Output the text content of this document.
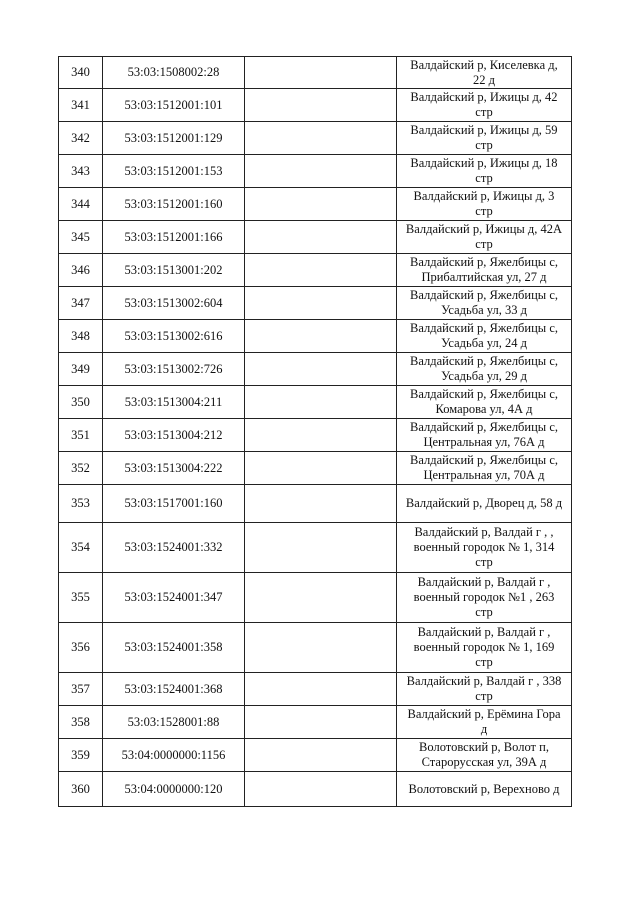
340	53:03:1508002:28		Валдайский р, Киселевка д,
22 д

341	53:03:1512001:101		Валдайский р, Ижицы д, 42
стр

342	53:03:1512001:129		Валдайский р, Ижицы д, 59
стр

343	53:03:1512001:153		Валдайский р, Ижицы д, 18
стр

344	53:03:1512001:160		Валдайский р, Ижицы д, 3
стр

345	53:03:1512001:166		Валдайский р, Ижицы д, 42А
стр

346	53:03:1513001:202		Валдайский р, Яжелбицы с,
Прибалтийская ул, 27 д

347	53:03:1513002:604		Валдайский р, Яжелбицы с,
Усадьба ул, 33 д

348	53:03:1513002:616		Валдайский р, Яжелбицы с,
Усадьба ул, 24 д

349	53:03:1513002:726		Валдайский р, Яжелбицы с,
Усадьба ул, 29 д

350	53:03:1513004:211		Валдайский р, Яжелбицы с,
Комарова ул, 4А д

351	53:03:1513004:212		Валдайский р, Яжелбицы с,
Центральная ул, 76А д

352	53:03:1513004:222		Валдайский р, Яжелбицы с,
Центральная ул, 70А д

353	53:03:1517001:160		Валдайский р, Дворец д, 58 д

354	53:03:1524001:332		Валдайский р, Валдай г , ,
военный городок № 1, 314
стр

355	53:03:1524001:347		Валдайский р, Валдай г ,
военный городок №1 , 263
стр

356	53:03:1524001:358		Валдайский р, Валдай г ,
военный городок № 1, 169
стр

357	53:03:1524001:368		Валдайский р, Валдай г , 338
стр

358	53:03:1528001:88		Валдайский р, Ерёмина Гора
д

359	53:04:0000000:1156		Волотовский р, Волот п,
Старорусская ул, 39А д

360	53:04:0000000:120		Волотовский р, Верехново д
